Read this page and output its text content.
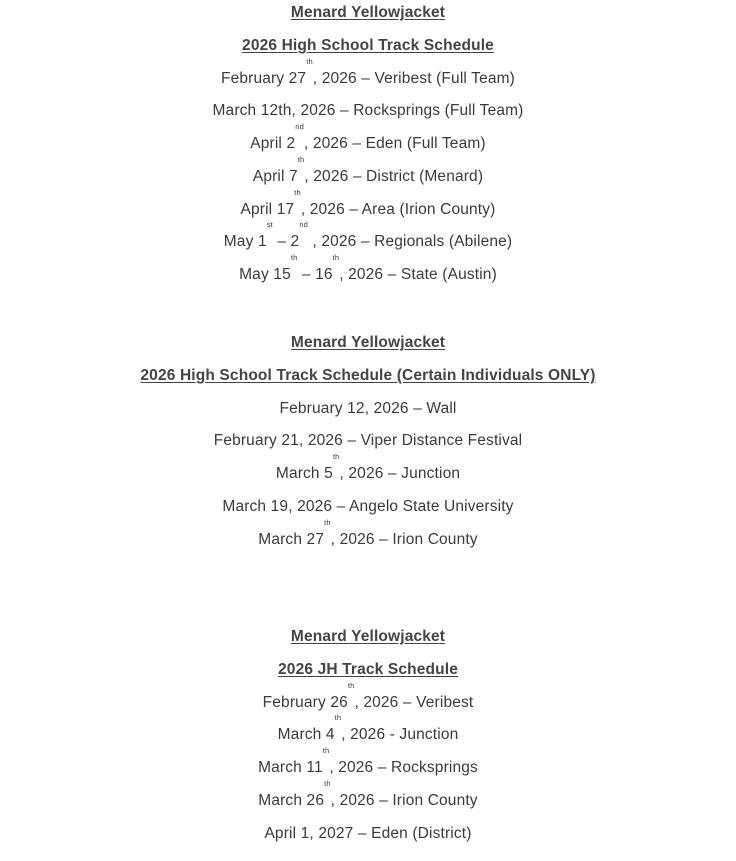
Menard Yellowjacket
2026 High School Track Schedule
February 27th, 2026 – Veribest (Full Team)
March 12th, 2026 – Rocksprings (Full Team)
April 2nd, 2026 – Eden (Full Team)
April 7th, 2026 – District (Menard)
April 17th, 2026 – Area (Irion County)
May 1st – 2nd , 2026 – Regionals (Abilene)
May 15th – 16th, 2026 – State (Austin)
Menard Yellowjacket
2026 High School Track Schedule (Certain Individuals ONLY)
February 12, 2026 – Wall
February 21, 2026 – Viper Distance Festival
March 5th, 2026 – Junction
March 19, 2026 – Angelo State University
March 27th, 2026 – Irion County
Menard Yellowjacket
2026 JH Track Schedule
February 26th, 2026 – Veribest
March 4th, 2026 - Junction
March 11th, 2026 – Rocksprings
March 26th, 2026 – Irion County
April 1, 2027 – Eden (District)
